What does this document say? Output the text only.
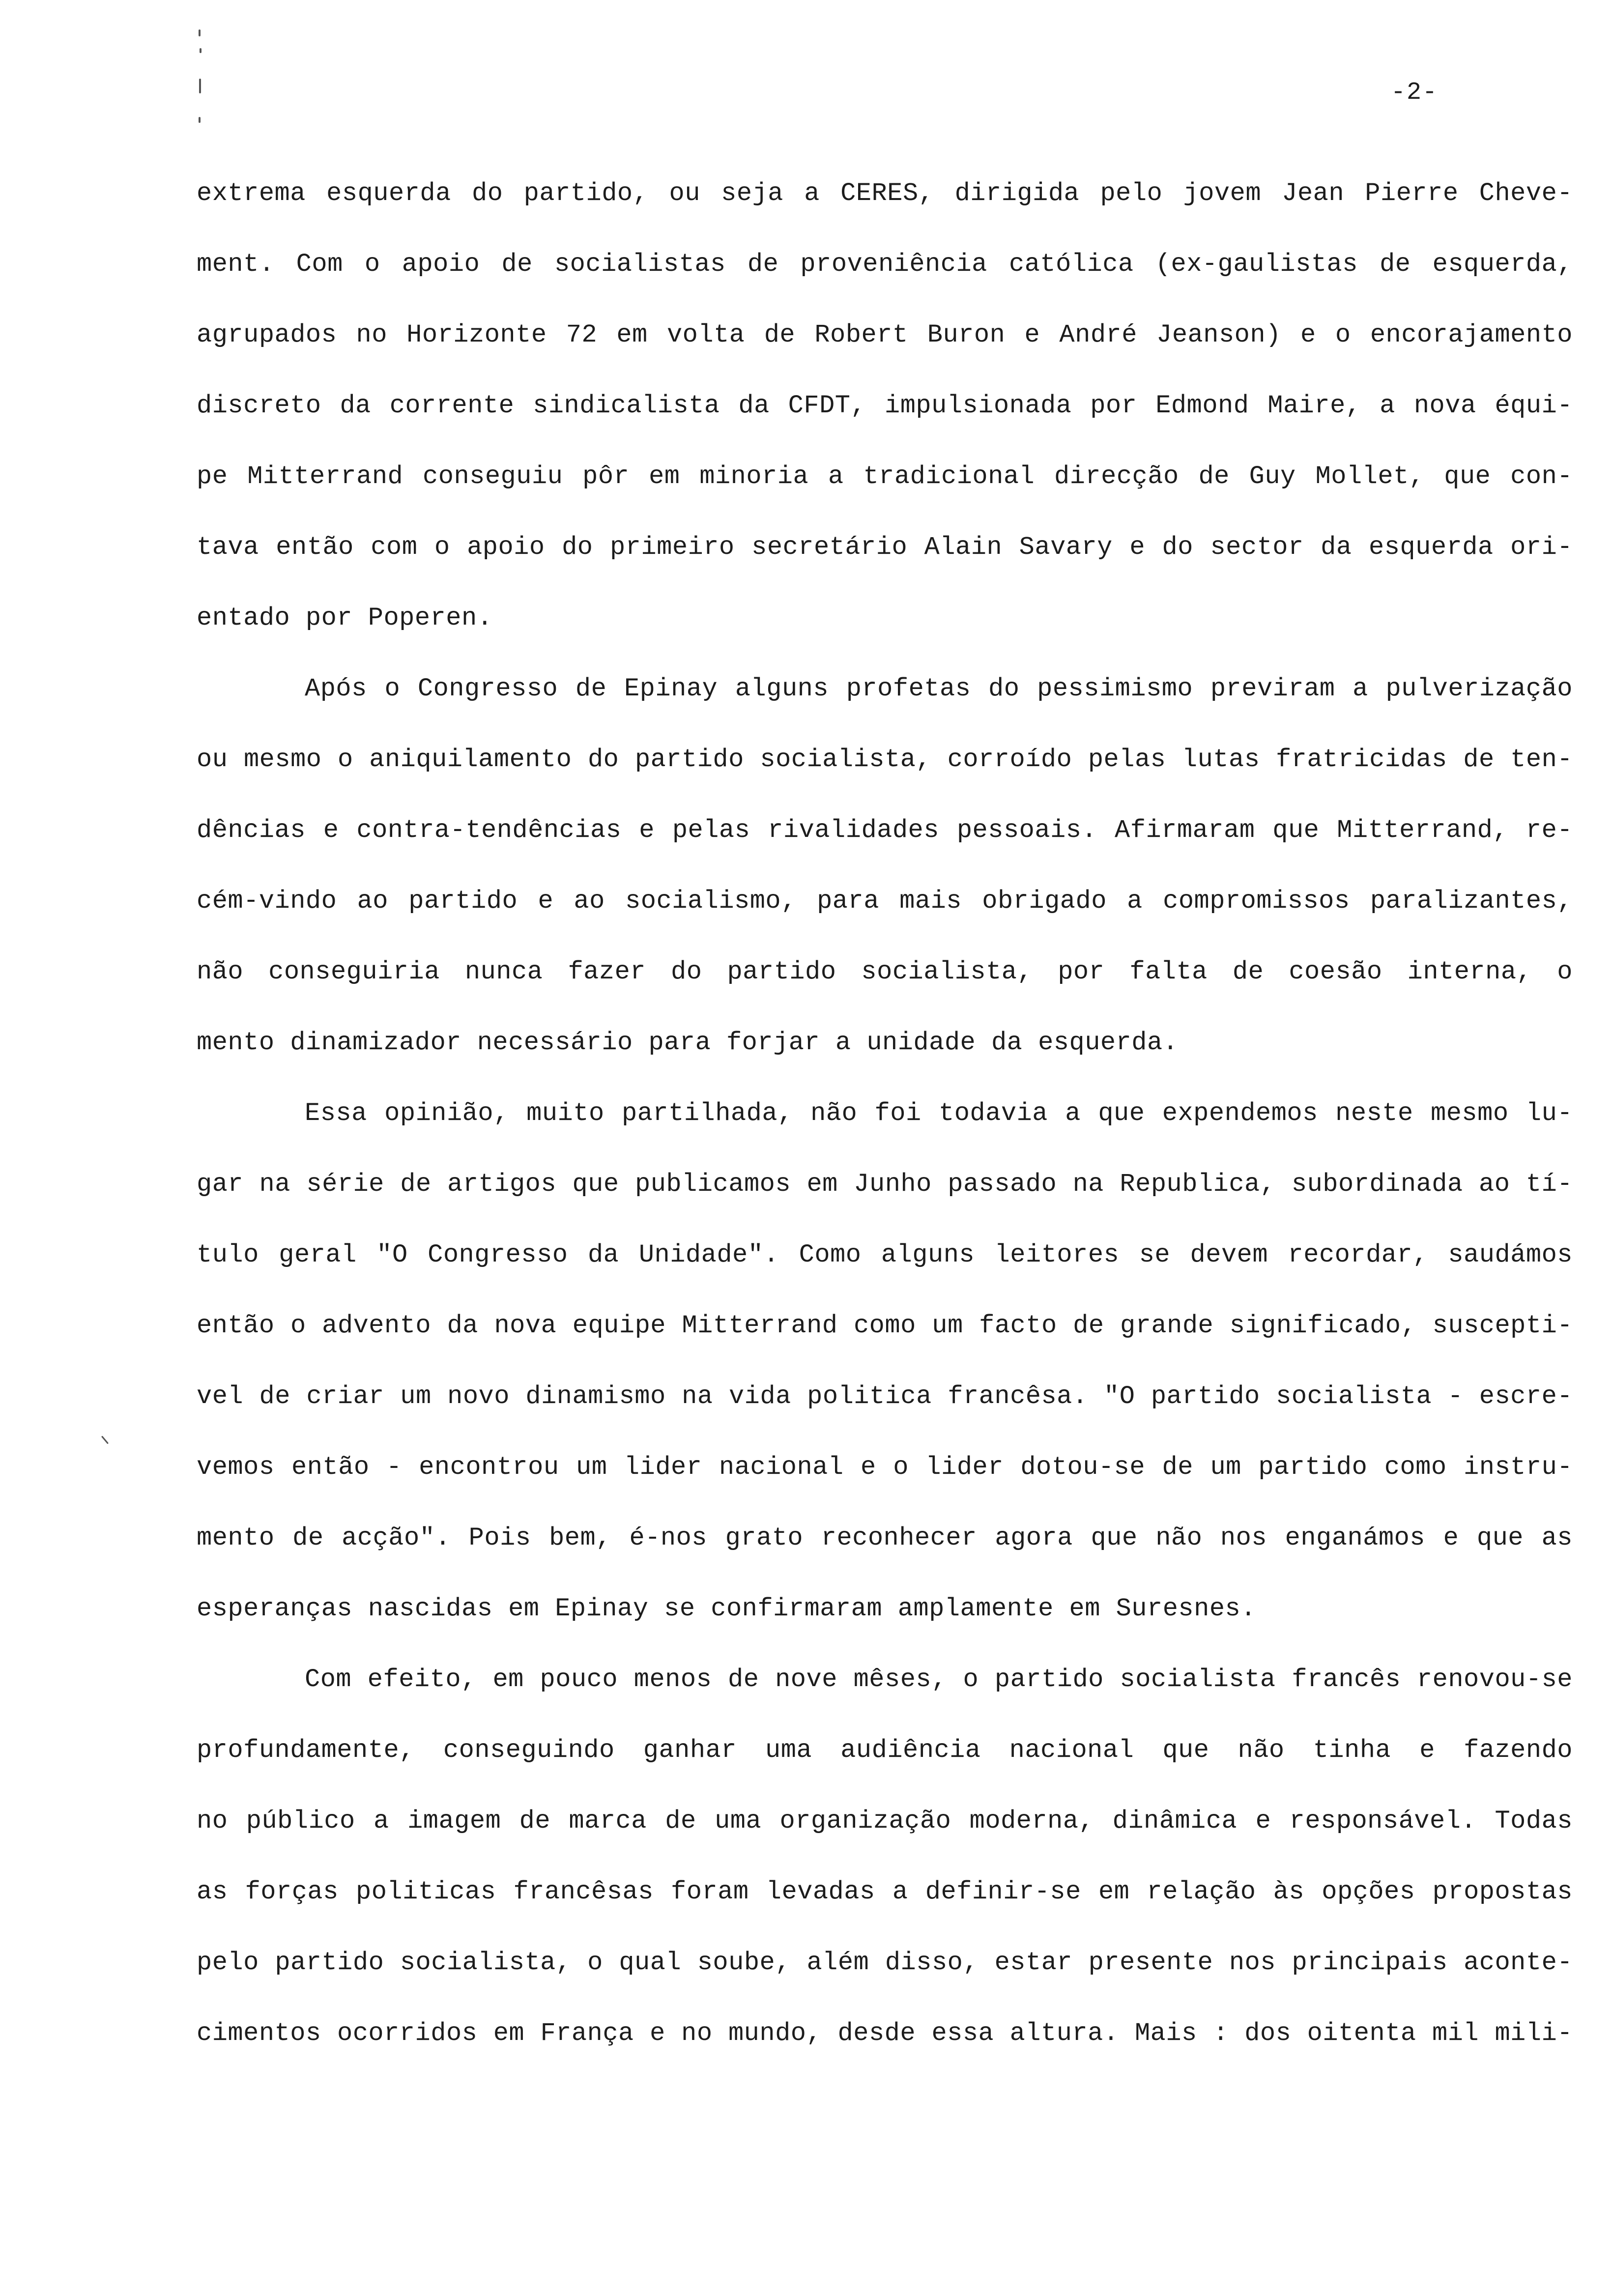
-2-
extrema esquerda do partido, ou seja a CERES, dirigida pelo jovem Jean Pierre Cheve-
ment. Com o apoio de socialistas de proveniência católica (ex-gaulistas de esquerda,
agrupados no Horizonte 72 em volta de Robert Buron e André Jeanson) e o encorajamento
discreto da corrente sindicalista da CFDT, impulsionada por Edmond Maire, a nova équi-
pe Mitterrand conseguiu pôr em minoria a tradicional direcção de Guy Mollet, que con-
tava então com o apoio do primeiro secretário Alain Savary e do sector da esquerda ori-
entado por Poperen.
Após o Congresso de Epinay alguns profetas do pessimismo previram a pulverização
ou mesmo o aniquilamento do partido socialista, corroído pelas lutas fratricidas de ten-
dências e contra-tendências e pelas rivalidades pessoais. Afirmaram que Mitterrand, re-
cém-vindo ao partido e ao socialismo, para mais obrigado a compromissos paralizantes,
não conseguiria nunca fazer do partido socialista, por falta de coesão interna, o
mento dinamizador necessário para forjar a unidade da esquerda.
Essa opinião, muito partilhada, não foi todavia a que expendemos neste mesmo lu-
gar na série de artigos que publicamos em Junho passado na Republica, subordinada ao tí-
tulo geral "O Congresso da Unidade". Como alguns leitores se devem recordar, saudámos
então o advento da nova equipe Mitterrand como um facto de grande significado, suscepti-
vel de criar um novo dinamismo na vida politica francêsa. "O partido socialista - escre-
vemos então - encontrou um lider nacional e o lider dotou-se de um partido como instru-
mento de acção". Pois bem, é-nos grato reconhecer agora que não nos enganámos e que as
esperanças nascidas em Epinay se confirmaram amplamente em Suresnes.
Com efeito, em pouco menos de nove mêses, o partido socialista francês renovou-se
profundamente, conseguindo ganhar uma audiência nacional que não tinha e fazendo
no público a imagem de marca de uma organização moderna, dinâmica e responsável. Todas
as forças politicas francêsas foram levadas a definir-se em relação às opções propostas
pelo partido socialista, o qual soube, além disso, estar presente nos principais aconte-
cimentos ocorridos em França e no mundo, desde essa altura. Mais : dos oitenta mil mili-
